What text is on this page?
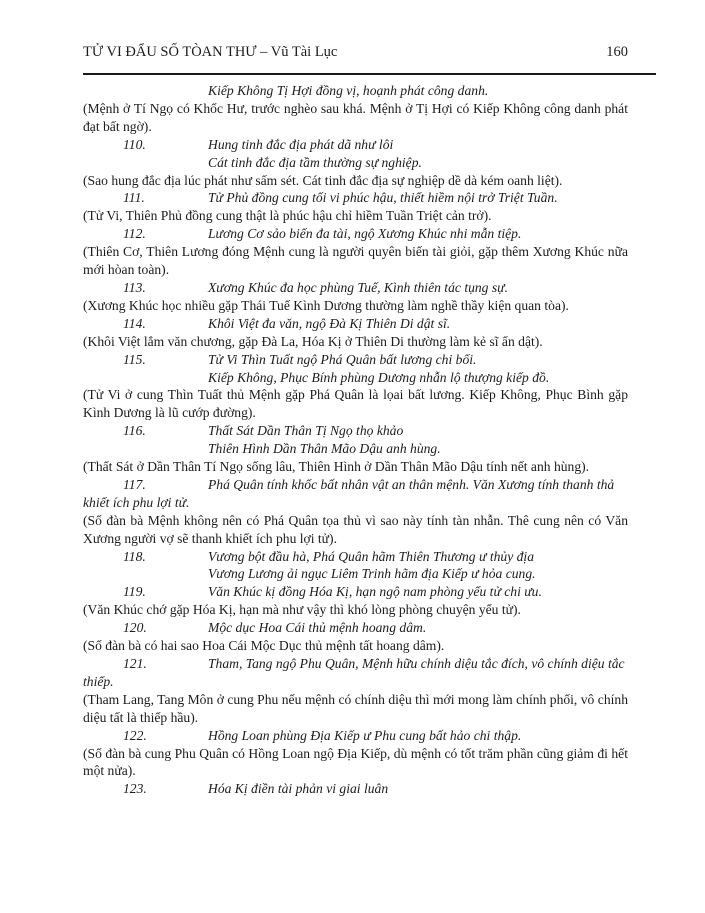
TỬ VI ĐẨU SỐ TÒAN THƯ – Vũ Tài Lục	160

Kiếp Không Tị Hợi đồng vị, hoạnh phát công danh.

(Mệnh ở Tí Ngọ có Khốc Hư, trước nghèo sau khá. Mệnh ở Tị Hợi có Kiếp Không công danh phát đạt bất ngờ).

110.	Hung tinh đắc địa phát dã như lôi

Cát tinh đắc địa tầm thường sự nghiệp.

(Sao hung đắc địa lúc phát như sấm sét. Cát tinh đắc địa sự nghiệp dề dà kém oanh liệt).

111.	Tử Phủ đồng cung tối vi phúc hậu, thiết hiềm nội trở Triệt Tuần.

(Tử Vi, Thiên Phủ đồng cung thật là phúc hậu chỉ hiềm Tuần Triệt cản trở).

112.	Lương Cơ sảo biến đa tài, ngộ Xương Khúc nhi mẫn tiệp.

(Thiên Cơ, Thiên Lương đóng Mệnh cung là người quyên biến tài giỏi, gặp thêm Xương Khúc nữa mới hòan toàn).

113.	Xương Khúc đa học phùng Tuế, Kình thiên tác tụng sự.

(Xương Khúc học nhiều gặp Thái Tuế Kình Dương thường làm nghề thầy kiện quan tòa).

114.	Khôi Việt đa văn, ngộ Đà Kị Thiên Di dật sĩ.

(Khôi Việt lắm văn chương, gặp Đà La, Hóa Kị ở Thiên Di thường làm kẻ sĩ ẩn dật).

115.	Tử Vi Thìn Tuất ngộ Phá Quân bất lương chi bối.

Kiếp Không, Phục Bính phùng Dương nhẫn lộ thượng kiếp đồ.

(Tử Vi ở cung Thìn Tuất thủ Mệnh gặp Phá Quân là lọai bất lương. Kiếp Không, Phục Bình gặp Kình Dương là lũ cướp đường).

116.	Thất Sát Dần Thân Tị Ngọ thọ khảo

Thiên Hình Dần Thân Mão Dậu anh hùng.

(Thất Sát ở Dần Thân Tí Ngọ sống lâu, Thiên Hình ở Dần Thân Mão Dậu tính nết anh hùng).

117.	Phá Quân tính khốc bất nhân vật an thân mệnh. Văn Xương tính thanh thả khiết ích phu lợi tử.

(Số đàn bà Mệnh không nên có Phá Quân tọa thủ vì sao này tính tàn nhẫn. Thê cung nên có Văn Xương người vợ sẽ thanh khiết ích phu lợi tử).

118.	Vương bột đầu hà, Phá Quân hãm Thiên Thương ư thủy địa

Vương Lương ải ngục Liêm Trinh hãm địa Kiếp ư hỏa cung.

119.	Văn Khúc kị đồng Hóa Kị, hạn ngộ nam phòng yếu tử chi ưu.

(Văn Khúc chớ gặp Hóa Kị, hạn mà như vậy thì khó lòng phòng chuyện yểu tử).

120.	Mộc dục Hoa Cái thủ mệnh hoang dâm.

(Số đàn bà có hai sao Hoa Cái Mộc Dục thủ mệnh tất hoang dâm).

121.	Tham, Tang ngộ Phu Quân, Mệnh hữu chính diệu tắc đích, vô chính diệu tắc thiếp.

(Tham Lang, Tang Môn ở cung Phu nếu mệnh có chính diệu thì mới mong làm chính phối, vô chính diệu tất là thiếp hầu).

122.	Hồng Loan phùng Địa Kiếp ư Phu cung bất hảo chi thập.

(Số đàn bà cung Phu Quân có Hồng Loan ngộ Địa Kiếp, dù mệnh có tốt trăm phần cũng giảm đi hết một nửa).

123.	Hóa Kị điền tài phản vi giai luân
